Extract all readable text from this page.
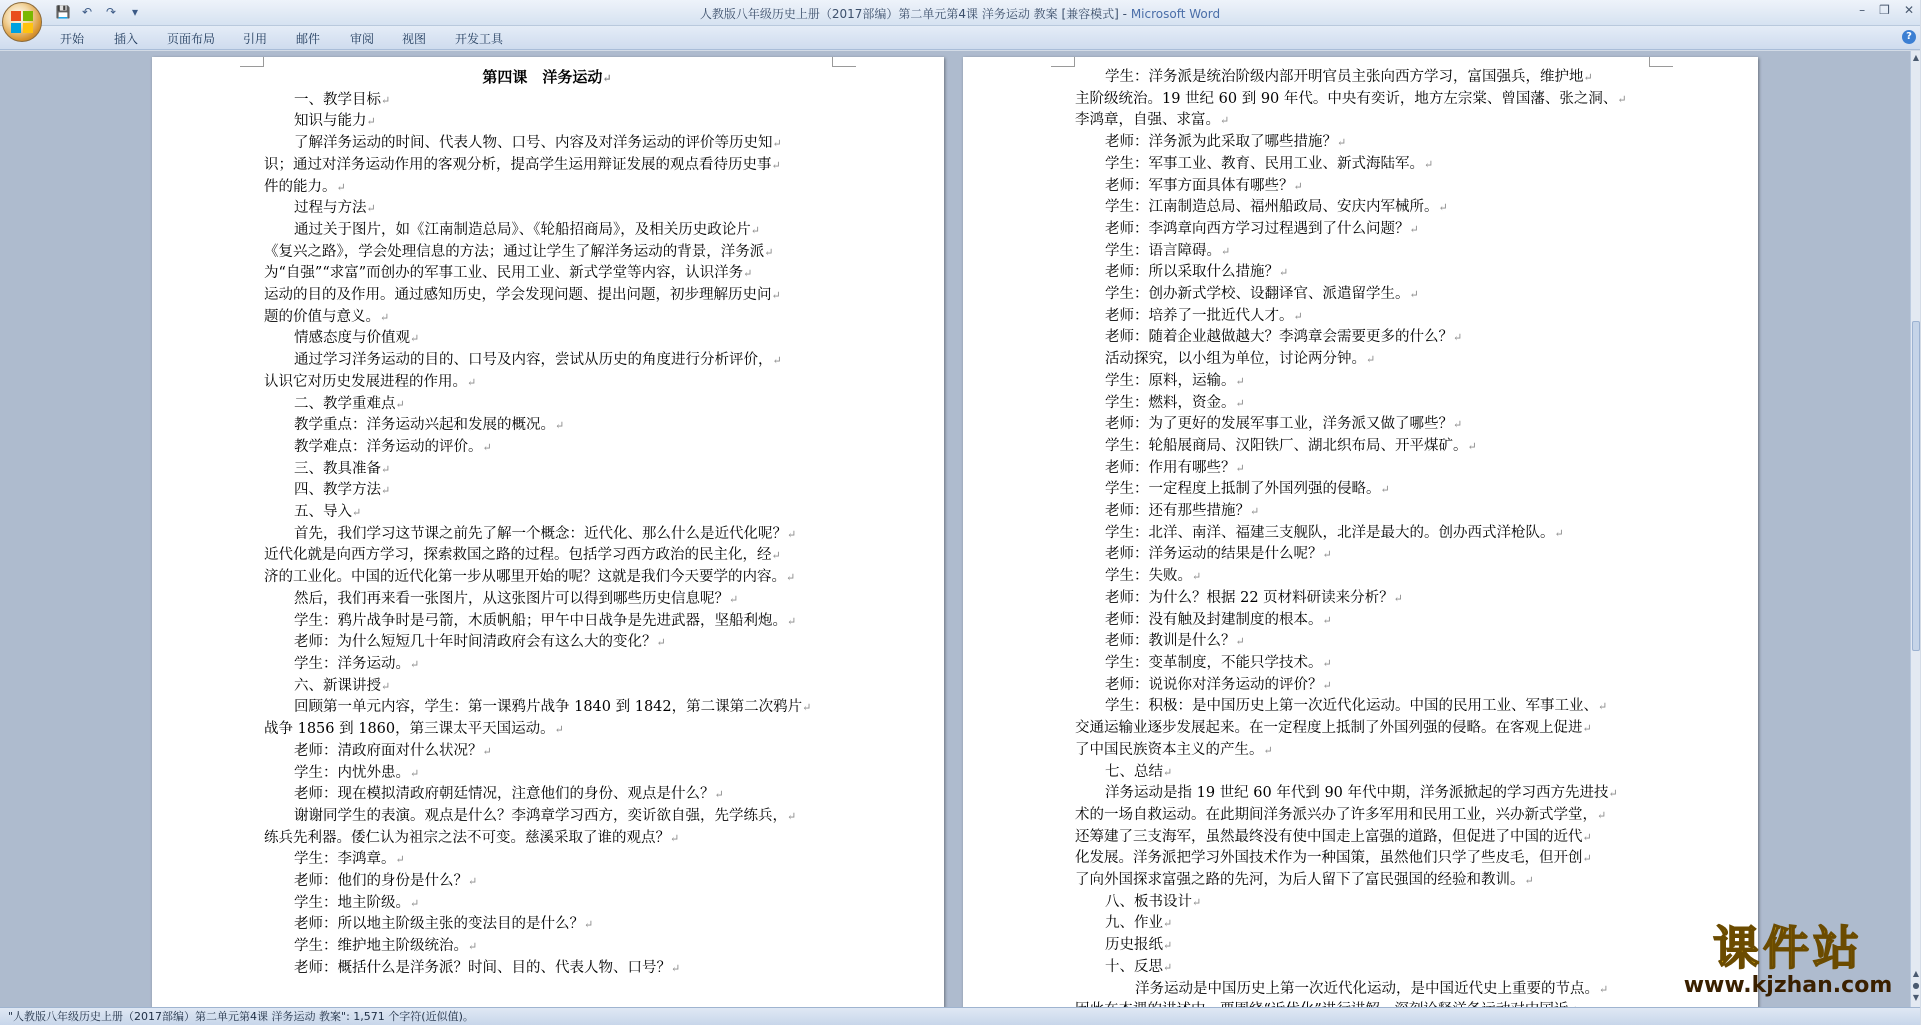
💾 ↶	↷	▾	人教版八年级历史上册（2017部编）第二单元第4课 洋务运动 教案 [兼容模式] - Microsoft Word	– ❒ ✕
开始 插入 页面布局 引用 邮件 审阅 视图 开发工具	?

第四课　洋务运动↵

一、教学目标↵

知识与能力↵

了解洋务运动的时间、代表人物、口号、内容及对洋务运动的评价等历史知↵

识；通过对洋务运动作用的客观分析，提高学生运用辩证发展的观点看待历史事↵

件的能力。↵

过程与方法↵

通过关于图片，如《江南制造总局》、《轮船招商局》，及相关历史政论片↵

《复兴之路》，学会处理信息的方法；通过让学生了解洋务运动的背景，洋务派↵

为“自强”“求富”而创办的军事工业、民用工业、新式学堂等内容，认识洋务↵

运动的目的及作用。通过感知历史，学会发现问题、提出问题，初步理解历史问↵

题的价值与意义。↵

情感态度与价值观↵

通过学习洋务运动的目的、口号及内容，尝试从历史的角度进行分析评价，↵

认识它对历史发展进程的作用。↵

二、教学重难点↵

教学重点：洋务运动兴起和发展的概况。↵

教学难点：洋务运动的评价。↵

三、教具准备↵

四、教学方法↵

五、导入↵

首先，我们学习这节课之前先了解一个概念：近代化、那么什么是近代化呢？↵

近代化就是向西方学习，探索救国之路的过程。包括学习西方政治的民主化，经↵

济的工业化。中国的近代化第一步从哪里开始的呢？这就是我们今天要学的内容。↵

然后，我们再来看一张图片，从这张图片可以得到哪些历史信息呢？↵

学生：鸦片战争时是弓箭，木质帆船；甲午中日战争是先进武器，坚船利炮。↵

老师：为什么短短几十年时间清政府会有这么大的变化？↵

学生：洋务运动。↵

六、新课讲授↵

回顾第一单元内容，学生：第一课鸦片战争 1840 到 1842，第二课第二次鸦片↵

战争 1856 到 1860，第三课太平天国运动。↵

老师：清政府面对什么状况？↵

学生：内忧外患。↵

老师：现在模拟清政府朝廷情况，注意他们的身份、观点是什么？↵

谢谢同学生的表演。观点是什么？李鸿章学习西方，奕䜣欲自强，先学练兵，↵

练兵先利器。倭仁认为祖宗之法不可变。慈溪采取了谁的观点？↵

学生：李鸿章。↵

老师：他们的身份是什么？↵

学生：地主阶级。↵

老师：所以地主阶级主张的变法目的是什么？↵

学生：维护地主阶级统治。↵

老师：概括什么是洋务派？时间、目的、代表人物、口号？↵

学生：洋务派是统治阶级内部开明官员主张向西方学习，富国强兵，维护地↵

主阶级统治。19 世纪 60 到 90 年代。中央有奕䜣，地方左宗棠、曾国藩、张之洞、↵

李鸿章，自强、求富。↵

老师：洋务派为此采取了哪些措施？↵

学生：军事工业、教育、民用工业、新式海陆军。↵

老师：军事方面具体有哪些？↵

学生：江南制造总局、福州船政局、安庆内军械所。↵

老师：李鸿章向西方学习过程遇到了什么问题？↵

学生：语言障碍。↵

老师：所以采取什么措施？↵

学生：创办新式学校、设翻译官、派遣留学生。↵

老师：培养了一批近代人才。↵

老师：随着企业越做越大？李鸿章会需要更多的什么？↵

活动探究，以小组为单位，讨论两分钟。↵

学生：原料，运输。↵

学生：燃料，资金。↵

老师：为了更好的发展军事工业，洋务派又做了哪些？↵

学生：轮船展商局、汉阳铁厂、湖北织布局、开平煤矿。↵

老师：作用有哪些？↵

学生：一定程度上抵制了外国列强的侵略。↵

老师：还有那些措施？↵

学生：北洋、南洋、福建三支舰队，北洋是最大的。创办西式洋枪队。↵

老师：洋务运动的结果是什么呢？↵

学生：失败。↵

老师：为什么？根据 22 页材料研读来分析？↵

老师：没有触及封建制度的根本。↵

老师：教训是什么？↵

学生：变革制度，不能只学技术。↵

老师：说说你对洋务运动的评价？↵

学生：积极：是中国历史上第一次近代化运动。中国的民用工业、军事工业、↵

交通运输业逐步发展起来。在一定程度上抵制了外国列强的侵略。在客观上促进↵

了中国民族资本主义的产生。↵

七、总结↵

洋务运动是指 19 世纪 60 年代到 90 年代中期，洋务派掀起的学习西方先进技↵

术的一场自救运动。在此期间洋务派兴办了许多军用和民用工业，兴办新式学堂，↵

还筹建了三支海军，虽然最终没有使中国走上富强的道路，但促进了中国的近代↵

化发展。洋务派把学习外国技术作为一种国策，虽然他们只学了些皮毛，但开创↵

了向外国探求富强之路的先河，为后人留下了富民强国的经验和教训。↵

八、板书设计↵

九、作业↵

历史报纸↵

十、反思↵

洋务运动是中国历史上第一次近代化运动，是中国近代史上重要的节点。↵

▲
▲
●
▼
"人教版八年级历史上册（2017部编）第二单元第4课 洋务运动 教案": 1,571 个字符(近似值)。
课件站
www.kjzhan.com
